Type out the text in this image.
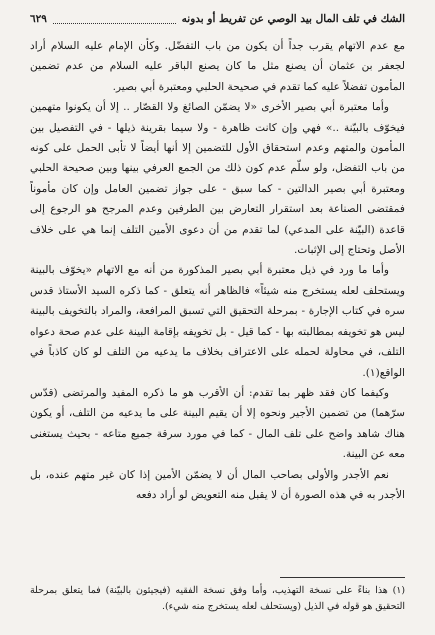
الشك في تلف المال بيد الوصي عن تفريط أو بدونه
٦٢٩

مع عدم الاتهام يقرب جداً أن يكون من باب التفضّل. وكأن الإمام عليه السلام أراد لجعفر بن عثمان أن يصنع مثل ما كان يصنع الباقر عليه السلام من عدم تضمين المأمون تفضلاً عليه كما تقدم في صحيحة الحلبي ومعتبرة أبي بصير.

وأما معتبرة أبي بصير الأخرى «لا يضمّن الصائغ ولا القصّار .. إلا أن يكونوا متهمين فيخوّف بالبيّنة ..» فهي وإن كانت ظاهرة - ولا سيما بقرينة ذيلها - في التفصيل بين المأمون والمتهم وعدم استحقاق الأول للتضمين إلا أنها أيضاً لا تأبى الحمل على كونه من باب التفضل، ولو سلّم عدم كون ذلك من الجمع العرفي بينها وبين صحيحة الحلبي ومعتبرة أبي بصير الدالتين - كما سبق - على جواز تضمين العامل وإن كان مأموناً فمقتضى الصناعة بعد استقرار التعارض بين الطرفين وعدم المرجح هو الرجوع إلى قاعدة (البيّنة على المدعي) لما تقدم من أن دعوى الأمين التلف إنما هي على خلاف الأصل وتحتاج إلى الإثبات.

وأما ما ورد في ذيل معتبرة أبي بصير المذكورة من أنه مع الاتهام «يخوّف بالبينة ويستحلف لعله يستخرج منه شيئاً» فالظاهر أنه يتعلق - كما ذكره السيد الأستاذ قدس سره في كتاب الإجارة - بمرحلة التحقيق التي تسبق المرافعة، والمراد بالتخويف بالبينة ليس هو تخويفه بمطالبته بها - كما قيل - بل تخويفه بإقامة البينة على عدم صحة دعواه التلف، في محاولة لحمله على الاعتراف بخلاف ما يدعيه من التلف لو كان كاذباً في الواقع(١).

وكيفما كان فقد ظهر بما تقدم: أن الأقرب هو ما ذكره المفيد والمرتضى (قدّس سرّهما) من تضمين الأجير ونحوه إلا أن يقيم البينة على ما يدعيه من التلف، أو يكون هناك شاهد واضح على تلف المال - كما في مورد سرقة جميع متاعه - بحيث يستغنى معه عن البينة.

نعم الأجدر والأولى بصاحب المال أن لا يضمّن الأمين إذا كان غير متهم عنده، بل الأجدر به في هذه الصورة أن لا يقبل منه التعويض لو أراد دفعه

(١) هذا بناءً على نسخة التهذيب، وأما وفق نسخة الفقيه (فيجيئون بالبيّنة) فما يتعلق بمرحلة التحقيق هو قوله في الذيل (ويستحلف لعله يستخرج منه شيء).
